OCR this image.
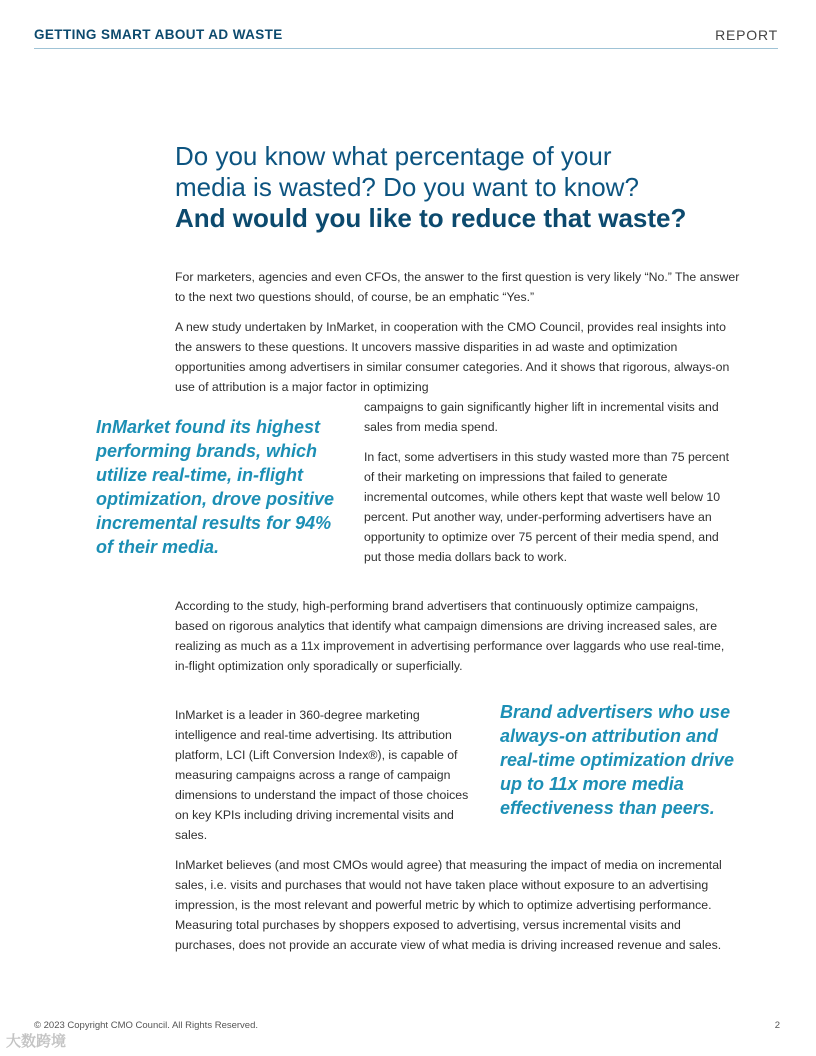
GETTING SMART ABOUT AD WASTE	REPORT
Do you know what percentage of your
media is wasted? Do you want to know?
And would you like to reduce that waste?

For marketers, agencies and even CFOs, the answer to the first question is very likely “No.” The answer to the next two questions should, of course, be an emphatic “Yes.”

A new study undertaken by InMarket, in cooperation with the CMO Council, provides real insights into the answers to these questions. It uncovers massive disparities in ad waste and optimization opportunities among advertisers in similar consumer categories. And it shows that rigorous, always-on use of attribution is a major factor in optimizing

campaigns to gain significantly higher lift in incremental visits and sales from media spend.

InMarket found its highest performing brands, which utilize real-time, in-flight optimization, drove positive incremental results for 94% of their media.

In fact, some advertisers in this study wasted more than 75 percent of their marketing on impressions that failed to generate incremental outcomes, while others kept that waste well below 10 percent. Put another way, under-performing advertisers have an opportunity to optimize over 75 percent of their media spend, and put those media dollars back to work.

According to the study, high-performing brand advertisers that continuously optimize campaigns, based on rigorous analytics that identify what campaign dimensions are driving increased sales, are realizing as much as a 11x improvement in advertising performance over laggards who use real-time, in-flight optimization only sporadically or superficially.

InMarket is a leader in 360-degree marketing intelligence and real-time advertising. Its attribution platform, LCI (Lift Conversion Index®), is capable of measuring campaigns across a range of campaign dimensions to understand the impact of those choices on key KPIs including driving incremental visits and sales.

Brand advertisers who use always-on attribution and real-time optimization drive up to 11x more media effectiveness than peers.

InMarket believes (and most CMOs would agree) that measuring the impact of media on incremental sales, i.e. visits and purchases that would not have taken place without exposure to an advertising impression, is the most relevant and powerful metric by which to optimize advertising performance. Measuring total purchases by shoppers exposed to advertising, versus incremental visits and purchases, does not provide an accurate view of what media is driving increased revenue and sales.

© 2023 Copyright CMO Council. All Rights Reserved.	2
大数跨境
